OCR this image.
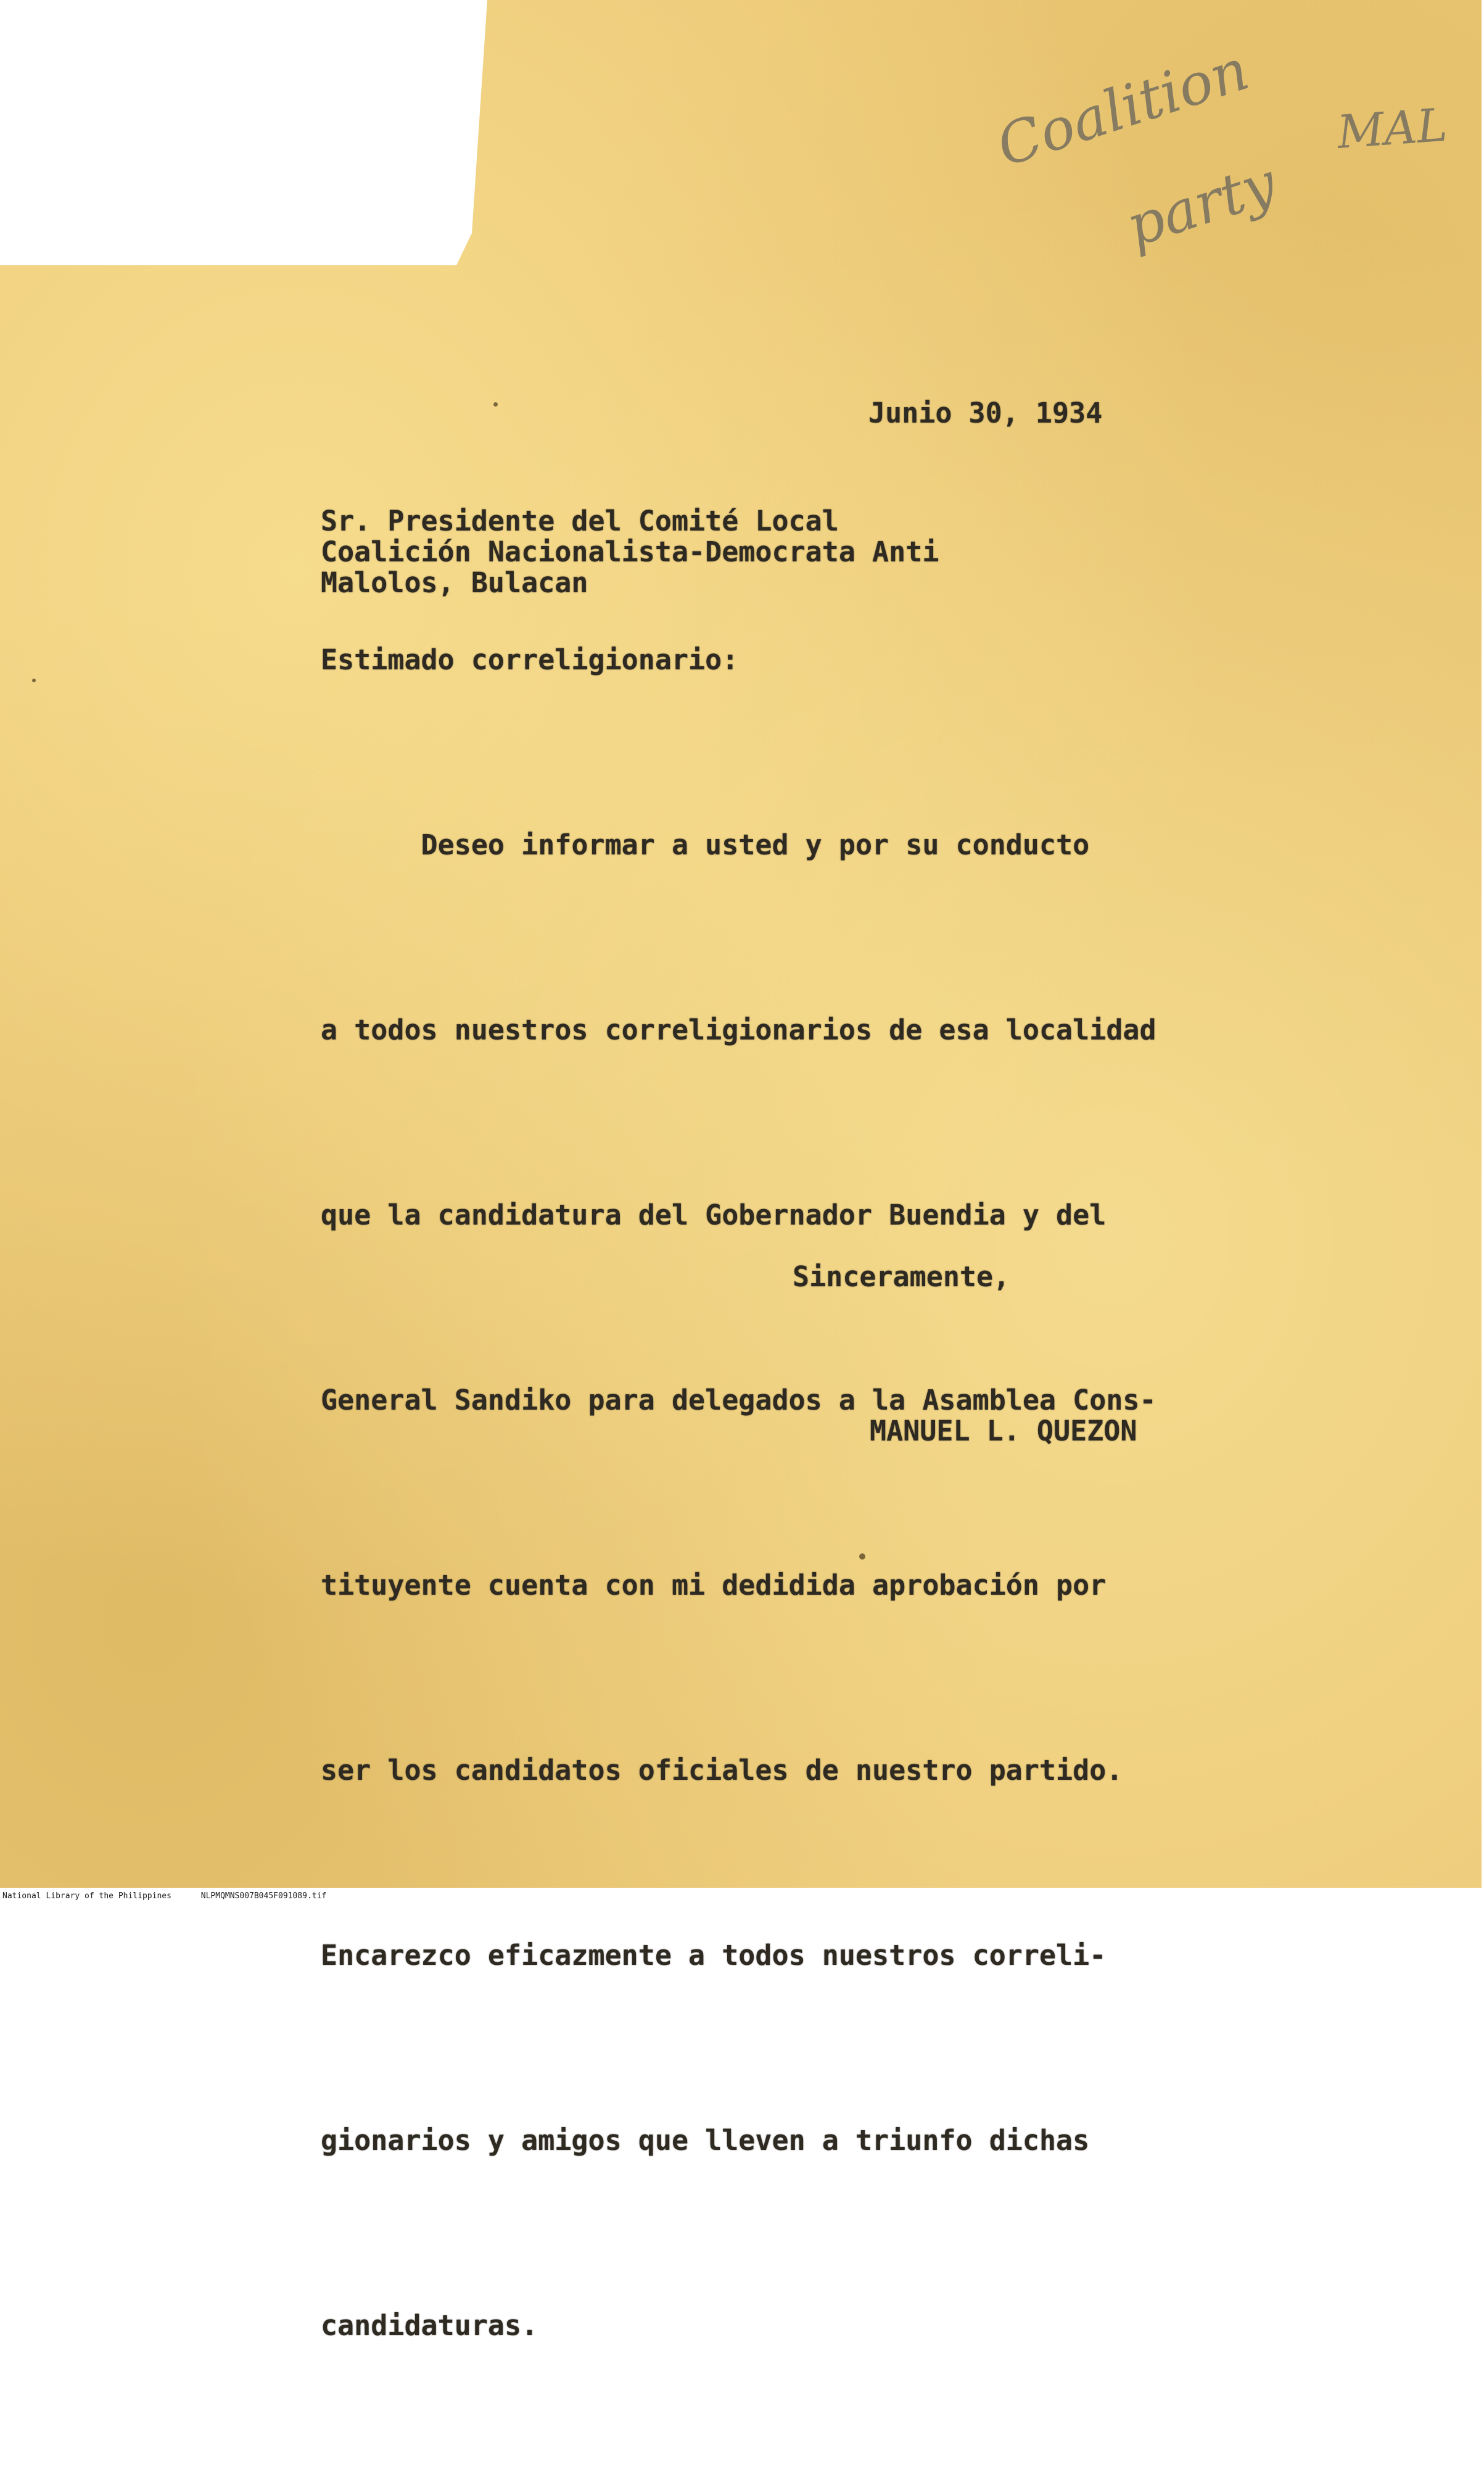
Coalition
party
MAL

Junio 30, 1934

Sr. Presidente del Comité Local

Coalición Nacionalista-Democrata Anti

Malolos, Bulacan

Estimado correligionario:

Deseo informar a usted y por su conducto

a todos nuestros correligionarios de esa localidad

que la candidatura del Gobernador Buendia y del

General Sandiko para delegados a la Asamblea Cons-

tituyente cuenta con mi dedidida aprobación por

ser los candidatos oficiales de nuestro partido.

Encarezco eficazmente a todos nuestros correli-

gionarios y amigos que lleven a triunfo dichas

candidaturas.

Sinceramente,

MANUEL L. QUEZON

National Library of the Philippines	NLPMQMNS007B045F091089.tif
